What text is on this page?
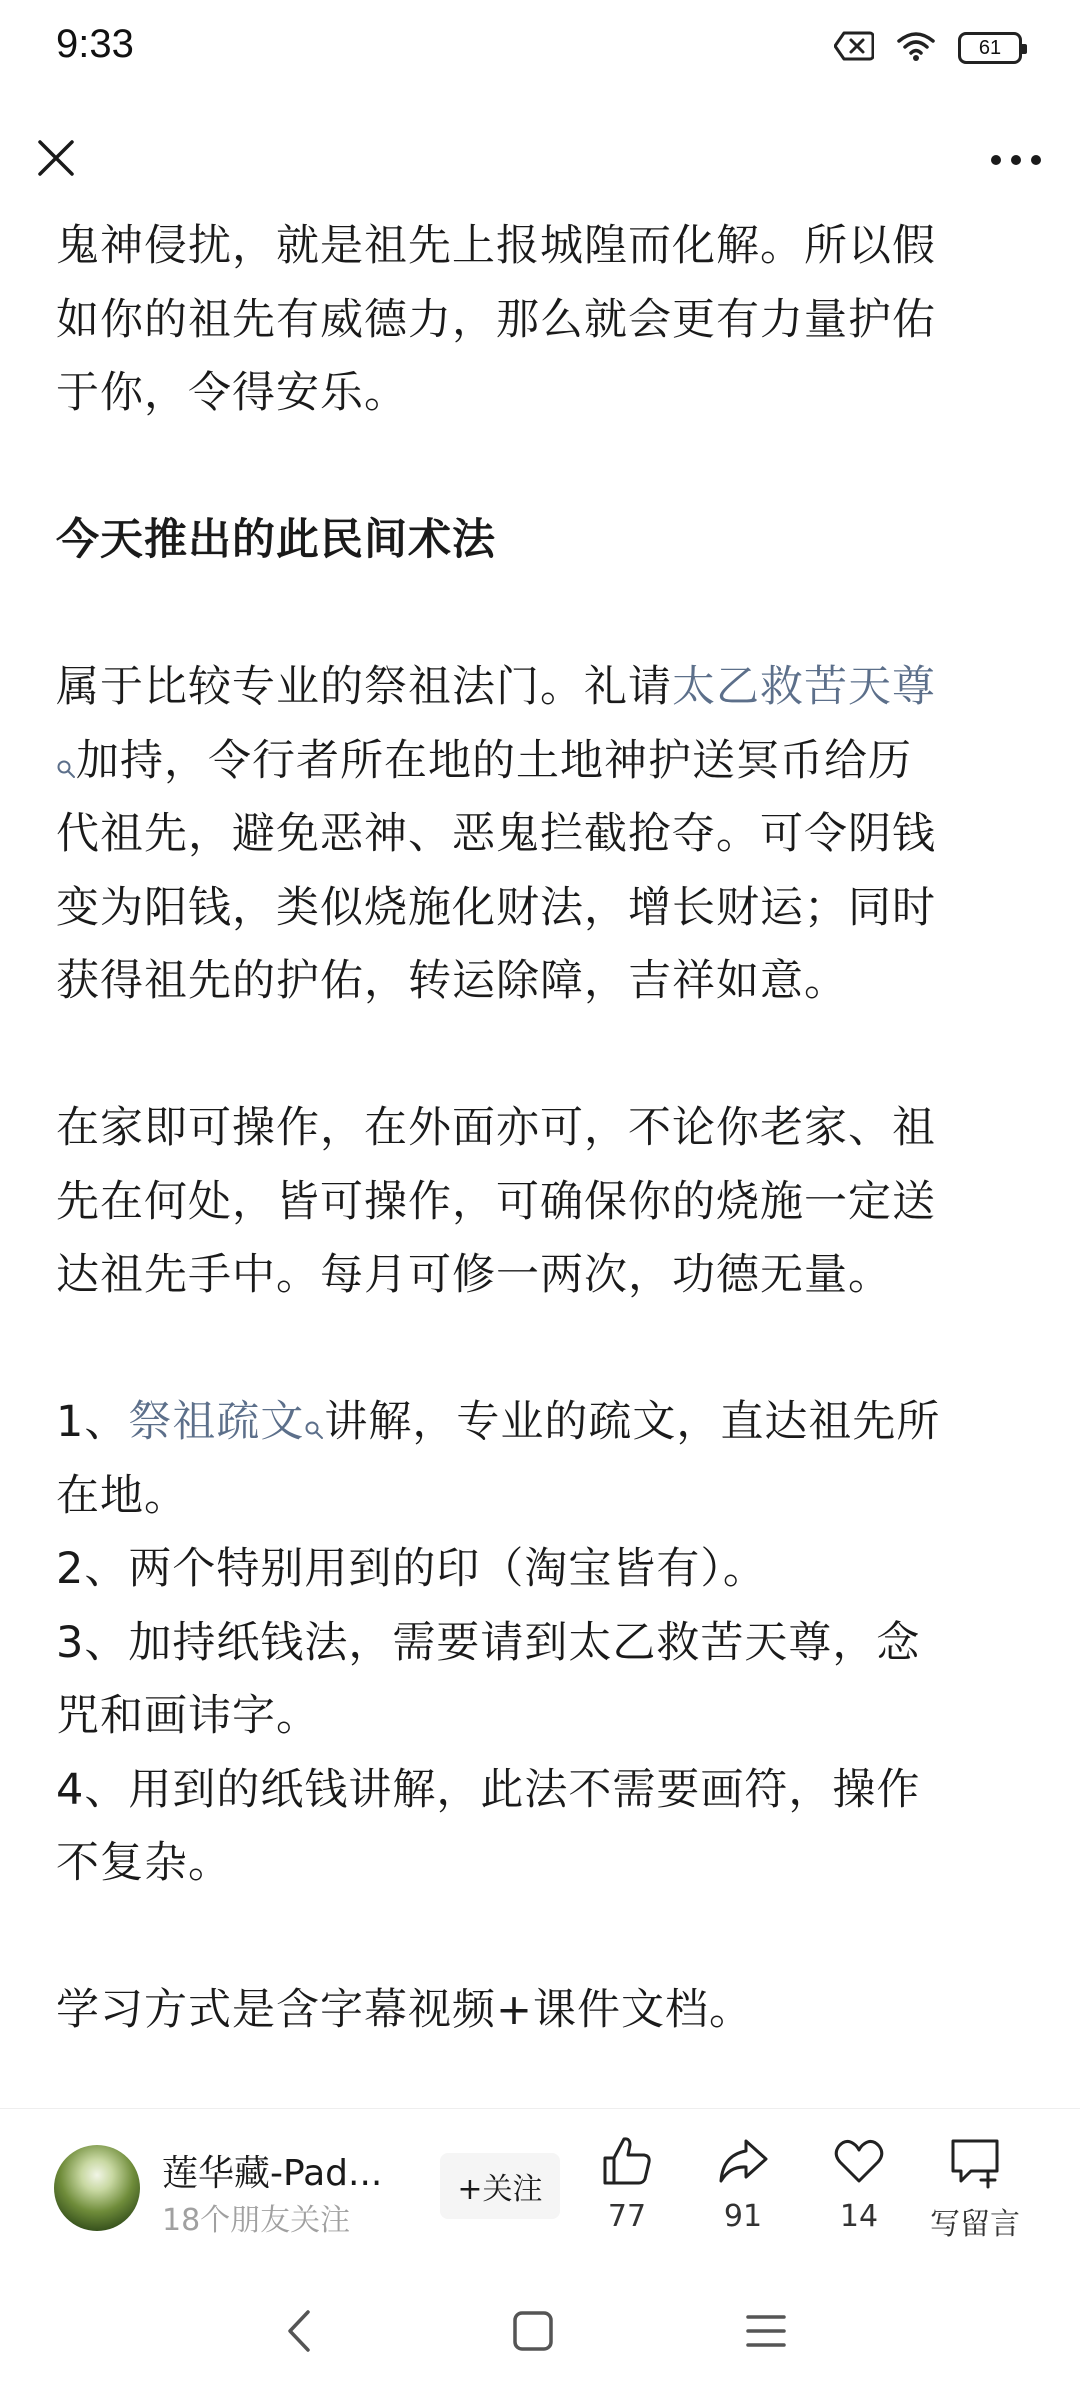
9:33	61
鬼神侵扰，就是祖先上报城隍而化解。所以假
如你的祖先有威德力，那么就会更有力量护佑
于你，令得安乐。
今天推出的此民间术法
属于比较专业的祭祖法门。礼请太乙救苦天尊
加持，令行者所在地的土地神护送冥币给历
代祖先，避免恶神、恶鬼拦截抢夺。可令阴钱
变为阳钱，类似烧施化财法，增长财运；同时
获得祖先的护佑，转运除障，吉祥如意。
在家即可操作，在外面亦可，不论你老家、祖
先在何处，皆可操作，可确保你的烧施一定送
达祖先手中。每月可修一两次，功德无量。
1、祭祖疏文 讲解，专业的疏文，直达祖先所
在地。
2、两个特别用到的印（淘宝皆有）。
3、加持纸钱法，需要请到太乙救苦天尊，念
咒和画讳字。
4、用到的纸钱讲解，此法不需要画符，操作
不复杂。
学习方式是含字幕视频+课件文档。
莲华藏-Pad...
18个朋友关注
+关注
77	91	14 写留言
